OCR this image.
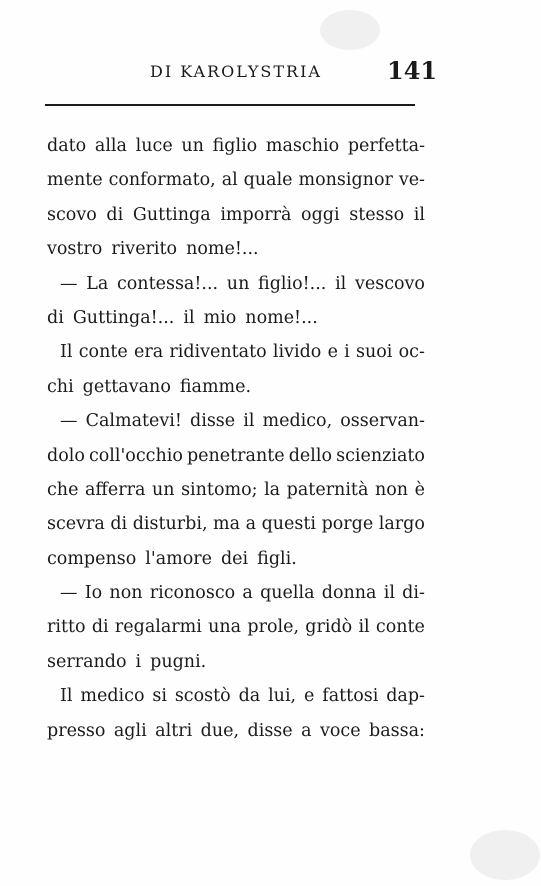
DI KAROLYSTRIA	141
dato alla luce un figlio maschio perfetta-
mente conformato, al quale monsignor ve-
scovo di Guttinga imporrà oggi stesso il
vostro riverito nome!...
— La contessa!... un figlio!... il vescovo
di Guttinga!... il mio nome!...
Il conte era ridiventato livido e i suoi oc-
chi gettavano fiamme.
— Calmatevi! disse il medico, osservan-
dolo coll'occhio penetrante dello scienziato
che afferra un sintomo; la paternità non è
scevra di disturbi, ma a questi porge largo
compenso l'amore dei figli.
— Io non riconosco a quella donna il di-
ritto di regalarmi una prole, gridò il conte
serrando i pugni.
Il medico si scostò da lui, e fattosi dap-
presso agli altri due, disse a voce bassa:
